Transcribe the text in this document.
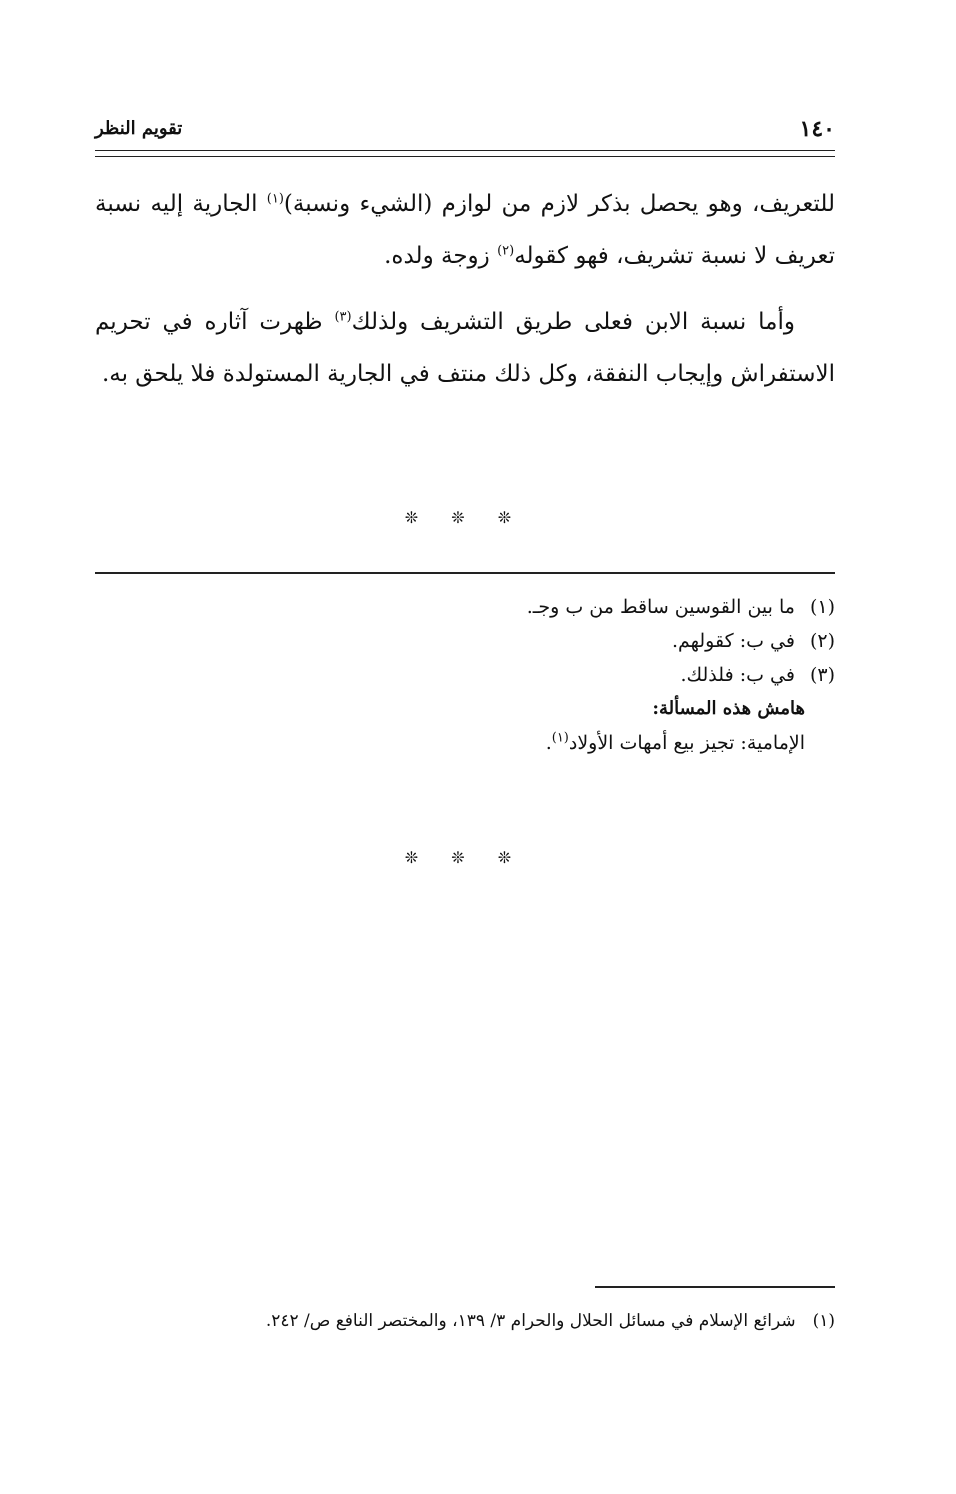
١٤٠
تقويم النظر

للتعريف، وهو يحصل بذكر لازم من لوازم (الشيء ونسبة)$^{(١)}$ الجارية إليه نسبة تعريف لا نسبة تشريف، فهو كقوله$^{(٢)}$ زوجة ولده.

وأما نسبة الابن فعلى طريق التشريف ولذلك$^{(٣)}$ ظهرت آثاره في تحريم الاستفراش وإيجاب النفقة، وكل ذلك منتف في الجارية المستولدة فلا يلحق به.

❊ ❊ ❊
(١) ما بين القوسين ساقط من ب وجـ.
(٢) في ب: كقولهم.
(٣) في ب: فلذلك.
هامش هذه المسألة:
الإمامية: تجيز بيع أمهات الأولاد$^{(١)}$.
❊ ❊ ❊
(١) شرائع الإسلام في مسائل الحلال والحرام ٣/ ١٣٩، والمختصر النافع ص/ ٢٤٢.
